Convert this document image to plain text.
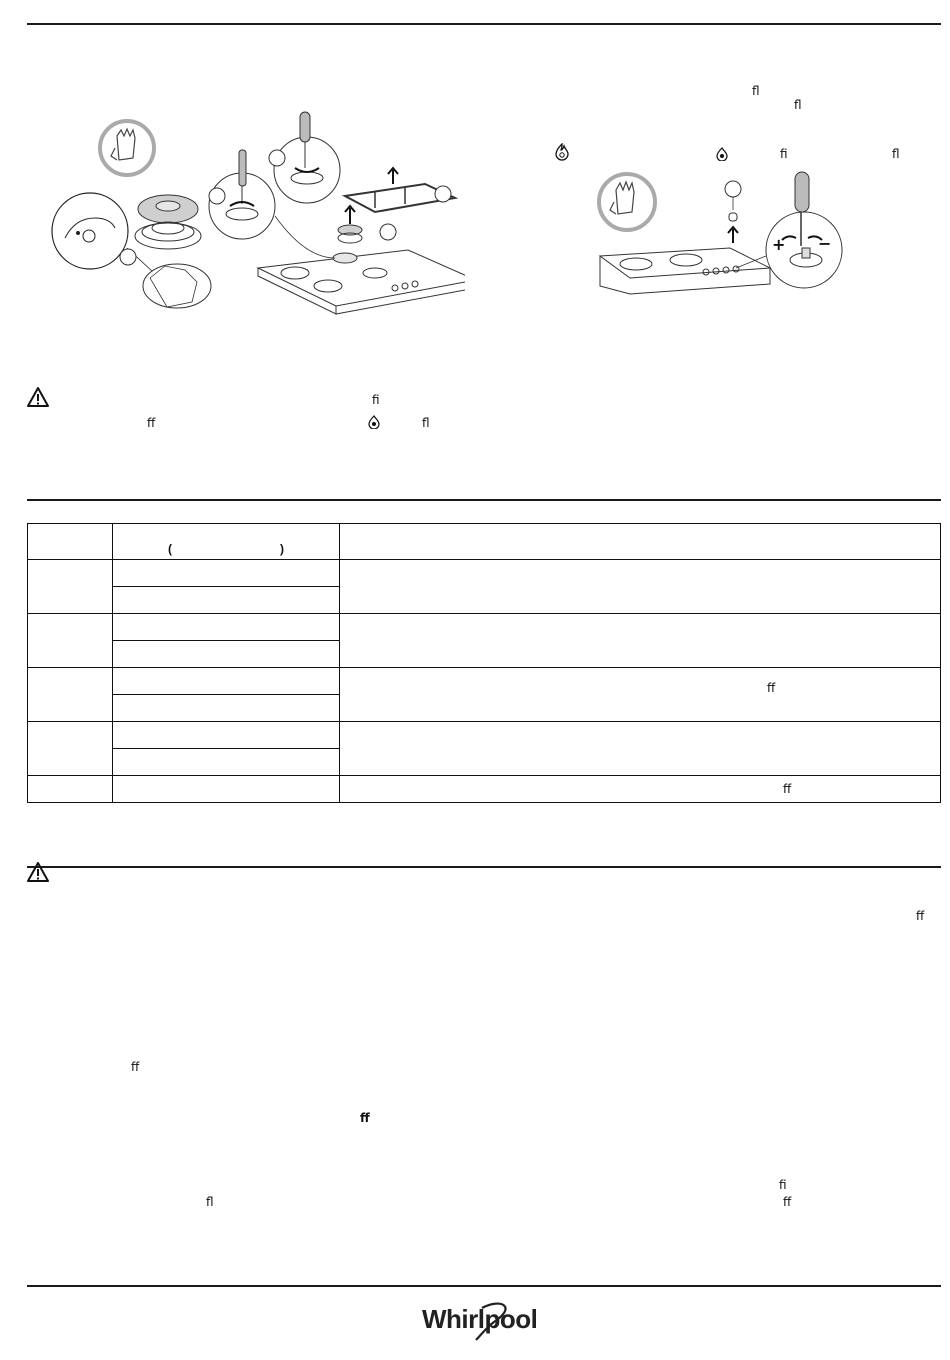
ﬂ
ﬂ
ﬁ	ﬂ
+ −
ﬁ
ﬀ	ﬂ

	( )	

		ﬀ

		ﬀ
ﬀ
ﬀ
ﬀ
ﬁ
ﬂ	ﬀ
Whirlpool
